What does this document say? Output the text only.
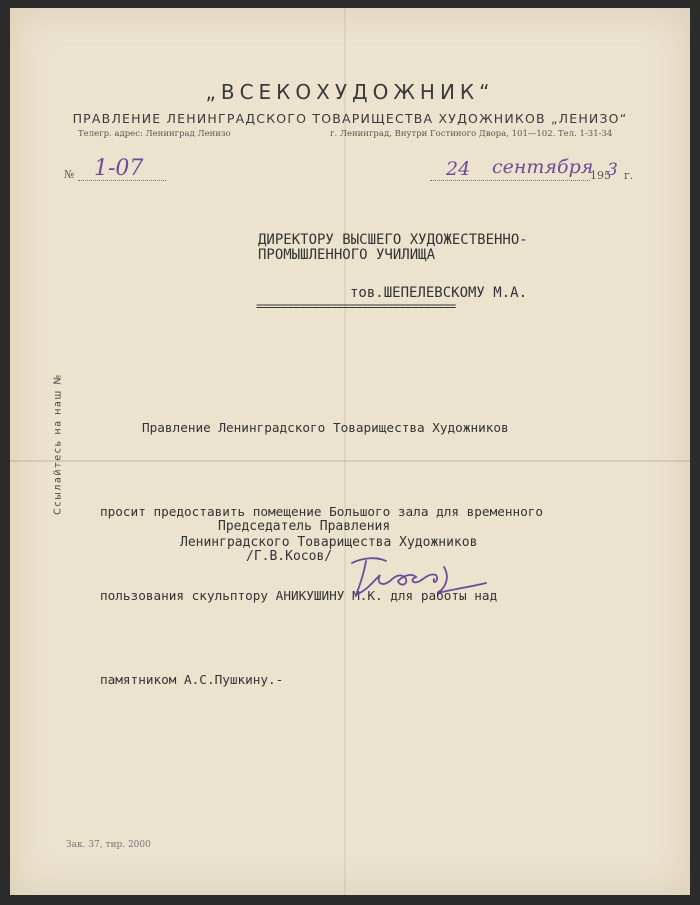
„ВСЕКОХУДОЖНИК“
ПРАВЛЕНИЕ ЛЕНИНГРАДСКОГО ТОВАРИЩЕСТВА ХУДОЖНИКОВ „ЛЕНИЗО“
Телегр. адрес: Ленинград Ленизо	г. Ленинград, Внутри Гостиного Двора, 101—102. Тел. 1-31-34
№ 1-07	24 сентября
195
3 г.
ДИРЕКТОРУ ВЫСШЕГО ХУДОЖЕСТВЕННО-
ПРОМЫШЛЕННОГО УЧИЛИЩА
тов.ШЕПЕЛЕВСКОМУ М.А.
================================

Правление Ленинградского Товарищества Художников

просит предоставить помещение Большого зала для временного

пользования скульптору АНИКУШИНУ М.К. для работы над

памятником А.С.Пушкину.-

Председатель Правления
Ленинградского Товарищества Художников
/Г.В.Косов/
Ссылайтесь на наш №
Зак. 37, тир. 2000
